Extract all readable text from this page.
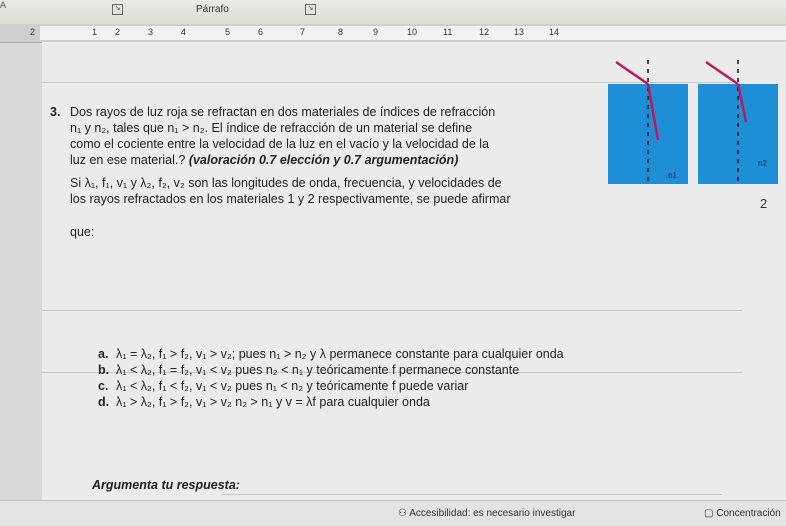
A	↘	Párrafo	↘
2	1 2	3	4	5	6	7	8	9	10	11	12	13	14
3. Dos rayos de luz roja se refractan en dos materiales de índices de refracción
n₁ y n₂, tales que n₁ > n₂. El índice de refracción de un material se define
como el cociente entre la velocidad de la luz en el vacío y la velocidad de la
luz en ese material.? (valoración 0.7 elección y 0.7 argumentación)
Si λ₁, f₁, v₁ y λ₂, f₂, v₂ son las longitudes de onda, frecuencia, y velocidades de
los rayos refractados en los materiales 1 y 2 respectivamente, se puede afirmar
que:
n1
n2
2
a. λ₁ = λ₂, f₁ > f₂, v₁ > v₂; pues n₁ > n₂ y λ permanece constante para cualquier onda
b. λ₁ < λ₂, f₁ = f₂, v₁ < v₂ pues n₂ < n₁ y teóricamente f permanece constante
c. λ₁ < λ₂, f₁ < f₂, v₁ < v₂ pues n₁ < n₂ y teóricamente f puede variar
d. λ₁ > λ₂, f₁ > f₂, v₁ > v₂ n₂ > n₁ y v = λf para cualquier onda
Argumenta tu respuesta:
⚇ Accesibilidad: es necesario investigar	▢ Concentración
